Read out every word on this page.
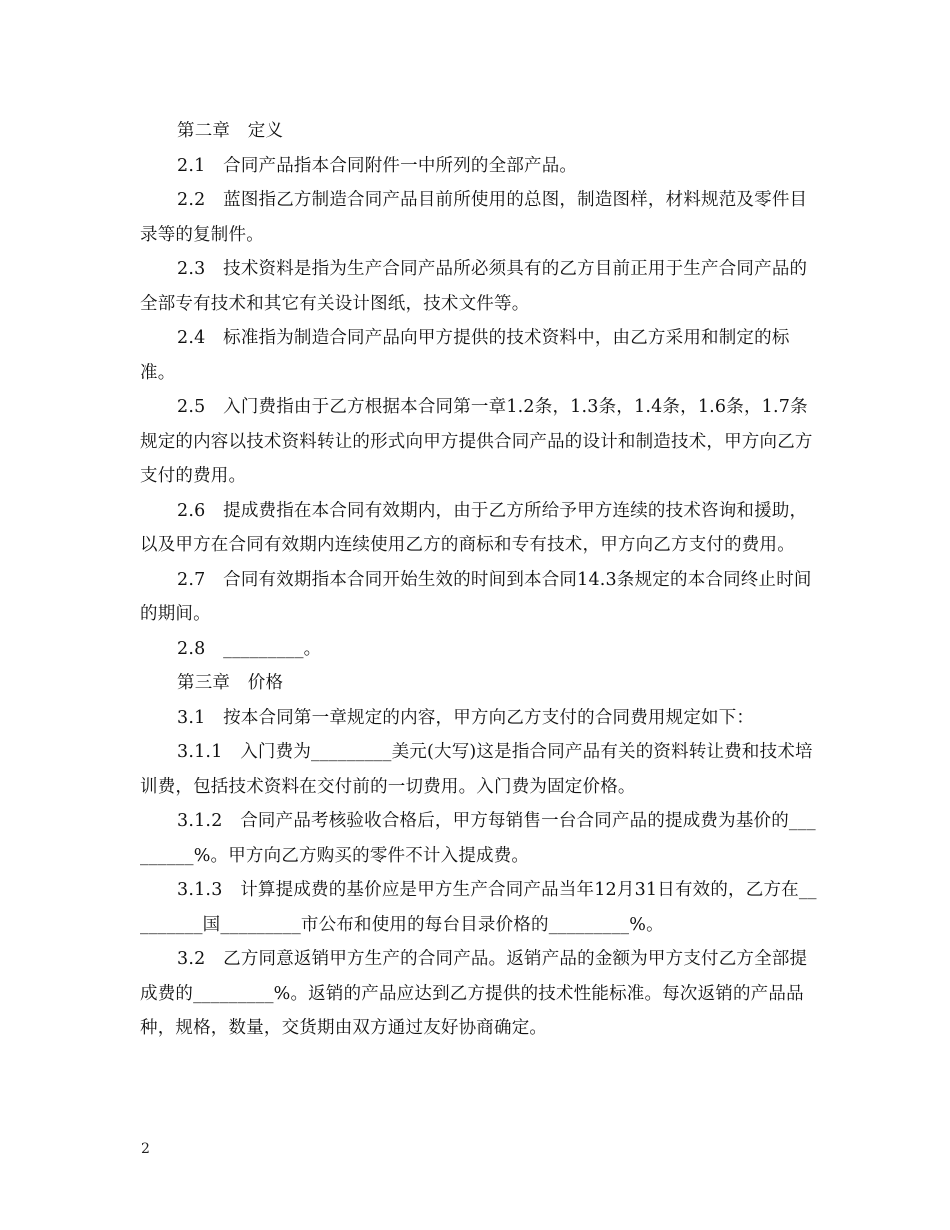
第二章　定义

2.1　合同产品指本合同附件一中所列的全部产品。

2.2　蓝图指乙方制造合同产品目前所使用的总图，制造图样，材料规范及零件目录等的复制件。

2.3　技术资料是指为生产合同产品所必须具有的乙方目前正用于生产合同产品的全部专有技术和其它有关设计图纸，技术文件等。

2.4　标准指为制造合同产品向甲方提供的技术资料中，由乙方采用和制定的标准。

2.5　入门费指由于乙方根据本合同第一章1.2条，1.3条，1.4条，1.6条，1.7条规定的内容以技术资料转让的形式向甲方提供合同产品的设计和制造技术，甲方向乙方支付的费用。

2.6　提成费指在本合同有效期内，由于乙方所给予甲方连续的技术咨询和援助，以及甲方在合同有效期内连续使用乙方的商标和专有技术，甲方向乙方支付的费用。

2.7　合同有效期指本合同开始生效的时间到本合同14.3条规定的本合同终止时间的期间。

2.8　_________。

第三章　价格

3.1　按本合同第一章规定的内容，甲方向乙方支付的合同费用规定如下：

3.1.1　入门费为_________美元(大写)这是指合同产品有关的资料转让费和技术培训费，包括技术资料在交付前的一切费用。入门费为固定价格。

3.1.2　合同产品考核验收合格后，甲方每销售一台合同产品的提成费为基价的_________%。甲方向乙方购买的零件不计入提成费。

3.1.3　计算提成费的基价应是甲方生产合同产品当年12月31日有效的，乙方在_________国_________市公布和使用的每台目录价格的_________%。

3.2　乙方同意返销甲方生产的合同产品。返销产品的金额为甲方支付乙方全部提成费的_________%。返销的产品应达到乙方提供的技术性能标准。每次返销的产品品种，规格，数量，交货期由双方通过友好协商确定。

2
